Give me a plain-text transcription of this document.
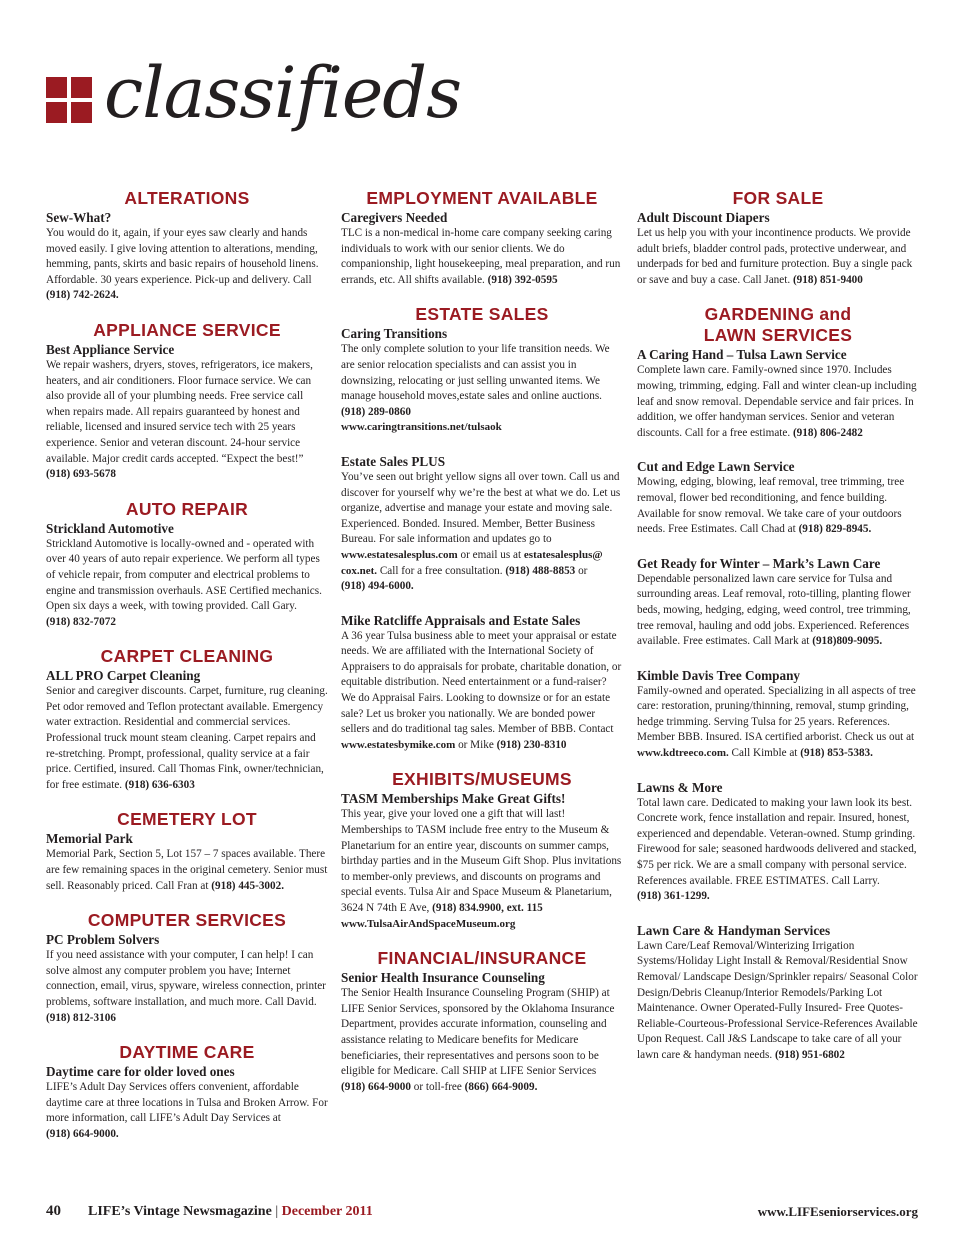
classifieds
ALTERATIONS
Sew-What?
You would do it, again, if your eyes saw clearly and hands moved easily. I give loving attention to alterations, mending, hemming, pants, skirts and basic repairs of household linens. Affordable. 30 years experience. Pick-up and delivery. Call (918) 742-2624.
APPLIANCE SERVICE
Best Appliance Service
We repair washers, dryers, stoves, refrigerators, ice makers, heaters, and air conditioners. Floor furnace service. We can also provide all of your plumbing needs. Free service call when repairs made. All repairs guaranteed by honest and reliable, licensed and insured service tech with 25 years experience. Senior and veteran discount. 24-hour service available. Major credit cards accepted. “Expect the best!” (918) 693-5678
AUTO REPAIR
Strickland Automotive
Strickland Automotive is locally-owned and - operated with over 40 years of auto repair experience. We perform all types of vehicle repair, from computer and electrical problems to engine and transmission overhauls. ASE Certified mechanics. Open six days a week, with towing provided. Call Gary. (918) 832-7072
CARPET CLEANING
ALL PRO Carpet Cleaning
Senior and caregiver discounts. Carpet, furniture, rug cleaning. Pet odor removed and Teflon protectant available. Emergency water extraction. Residential and commercial services. Professional truck mount steam cleaning. Carpet repairs and re-stretching. Prompt, professional, quality service at a fair price. Certified, insured. Call Thomas Fink, owner/technician, for free estimate. (918) 636-6303
CEMETERY LOT
Memorial Park
Memorial Park, Section 5, Lot 157 – 7 spaces available. There are few remaining spaces in the original cemetery. Senior must sell. Reasonably priced. Call Fran at (918) 445-3002.
COMPUTER SERVICES
PC Problem Solvers
If you need assistance with your computer, I can help! I can solve almost any computer problem you have; Internet connection, email, virus, spyware, wireless connection, printer problems, software installation, and much more. Call David. (918) 812-3106
DAYTIME CARE
Daytime care for older loved ones
LIFE’s Adult Day Services offers convenient, affordable daytime care at three locations in Tulsa and Broken Arrow. For more information, call LIFE’s Adult Day Services at (918) 664-9000.
EMPLOYMENT AVAILABLE
Caregivers Needed
TLC is a non-medical in-home care company seeking caring individuals to work with our senior clients. We do companionship, light housekeeping, meal preparation, and run errands, etc. All shifts available. (918) 392-0595
ESTATE SALES
Caring Transitions
The only complete solution to your life transition needs. We are senior relocation specialists and can assist you in downsizing, relocating or just selling unwanted items. We manage household moves,estate sales and online auctions. (918) 289-0860
www.caringtransitions.net/tulsaok
Estate Sales PLUS
You’ve seen out bright yellow signs all over town. Call us and discover for yourself why we’re the best at what we do. Let us organize, advertise and manage your estate and moving sale. Experienced. Bonded. Insured. Member, Better Business Bureau. For sale information and updates go to www.estatesalesplus.com or email us at estatesalesplus@ cox.net. Call for a free consultation. (918) 488-8853 or (918) 494-6000.
Mike Ratcliffe Appraisals and Estate Sales
A 36 year Tulsa business able to meet your appraisal or estate needs. We are affiliated with the International Society of Appraisers to do appraisals for probate, charitable donation, or equitable distribution. Need entertainment or a fund-raiser? We do Appraisal Fairs. Looking to downsize or for an estate sale? Let us broker you nationally. We are bonded power sellers and do traditional tag sales. Member of BBB. Contact www.estatesbymike.com or Mike (918) 230-8310
EXHIBITS/MUSEUMS
TASM Memberships Make Great Gifts!
This year, give your loved one a gift that will last! Memberships to TASM include free entry to the Museum & Planetarium for an entire year, discounts on summer camps, birthday parties and in the Museum Gift Shop. Plus invitations to member-only previews, and discounts on programs and special events. Tulsa Air and Space Museum & Planetarium, 3624 N 74th E Ave, (918) 834.9900, ext. 115
www.TulsaAirAndSpaceMuseum.org
FINANCIAL/INSURANCE
Senior Health Insurance Counseling
The Senior Health Insurance Counseling Program (SHIP) at LIFE Senior Services, sponsored by the Oklahoma Insurance Department, provides accurate information, counseling and assistance relating to Medicare benefits for Medicare beneficiaries, their representatives and persons soon to be eligible for Medicare. Call SHIP at LIFE Senior Services (918) 664-9000 or toll-free (866) 664-9009.
FOR SALE
Adult Discount Diapers
Let us help you with your incontinence products. We provide adult briefs, bladder control pads, protective underwear, and underpads for bed and furniture protection. Buy a single pack or save and buy a case. Call Janet. (918) 851-9400
GARDENING and
LAWN SERVICES
A Caring Hand – Tulsa Lawn Service
Complete lawn care. Family-owned since 1970. Includes mowing, trimming, edging. Fall and winter clean-up including leaf and snow removal. Dependable service and fair prices. In addition, we offer handyman services. Senior and veteran discounts. Call for a free estimate. (918) 806-2482
Cut and Edge Lawn Service
Mowing, edging, blowing, leaf removal, tree trimming, tree removal, flower bed reconditioning, and fence building. Available for snow removal. We take care of your outdoors needs. Free Estimates. Call Chad at (918) 829-8945.
Get Ready for Winter – Mark’s Lawn Care
Dependable personalized lawn care service for Tulsa and surrounding areas. Leaf removal, roto-tilling, planting flower beds, mowing, hedging, edging, weed control, tree trimming, tree removal, hauling and odd jobs. Experienced. References available. Free estimates. Call Mark at (918)809-9095.
Kimble Davis Tree Company
Family-owned and operated. Specializing in all aspects of tree care: restoration, pruning/thinning, removal, stump grinding, hedge trimming. Serving Tulsa for 25 years. References. Member BBB. Insured. ISA certified arborist. Check us out at www.kdtreeco.com. Call Kimble at (918) 853-5383.
Lawns & More
Total lawn care. Dedicated to making your lawn look its best. Concrete work, fence installation and repair. Insured, honest, experienced and dependable. Veteran-owned. Stump grinding. Firewood for sale; seasoned hardwoods delivered and stacked, $75 per rick. We are a small company with personal service. References available. FREE ESTIMATES. Call Larry. (918) 361-1299.
Lawn Care & Handyman Services
Lawn Care/Leaf Removal/Winterizing Irrigation Systems/Holiday Light Install & Removal/Residential Snow Removal/ Landscape Design/Sprinkler repairs/ Seasonal Color Design/Debris Cleanup/Interior Remodels/Parking Lot Maintenance. Owner Operated-Fully Insured- Free Quotes-Reliable-Courteous-Professional Service-References Available Upon Request. Call J&S Landscape to take care of all your lawn care & handyman needs. (918) 951-6802
40 LIFE’s Vintage Newsmagazine | December 2011	www.LIFEseniorservices.org
